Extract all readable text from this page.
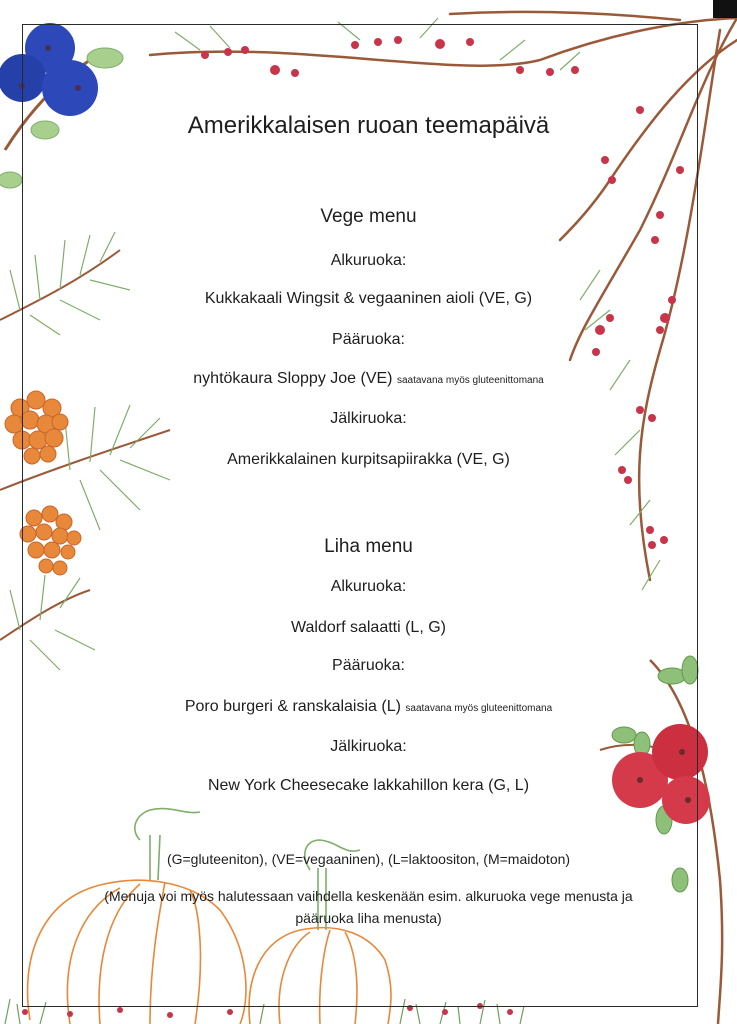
Amerikkalaisen ruoan teemapäivä
Vege menu
Alkuruoka:
Kukkakaali Wingsit & vegaaninen aioli (VE, G)
Pääruoka:
nyhtökaura Sloppy Joe (VE) saatavana myös gluteenittomana
Jälkiruoka:
Amerikkalainen kurpitsapiirakka (VE, G)
Liha menu
Alkuruoka:
Waldorf salaatti (L, G)
Pääruoka:
Poro burgeri & ranskalaisia (L) saatavana myös gluteenittomana
Jälkiruoka:
New York Cheesecake lakkahillon kera (G, L)
(G=gluteeniton), (VE=vegaaninen), (L=laktoositon, (M=maidoton)
(Menuja voi myös halutessaan vaihdella keskenään esim. alkuruoka vege menusta ja
pääruoka liha menusta)
